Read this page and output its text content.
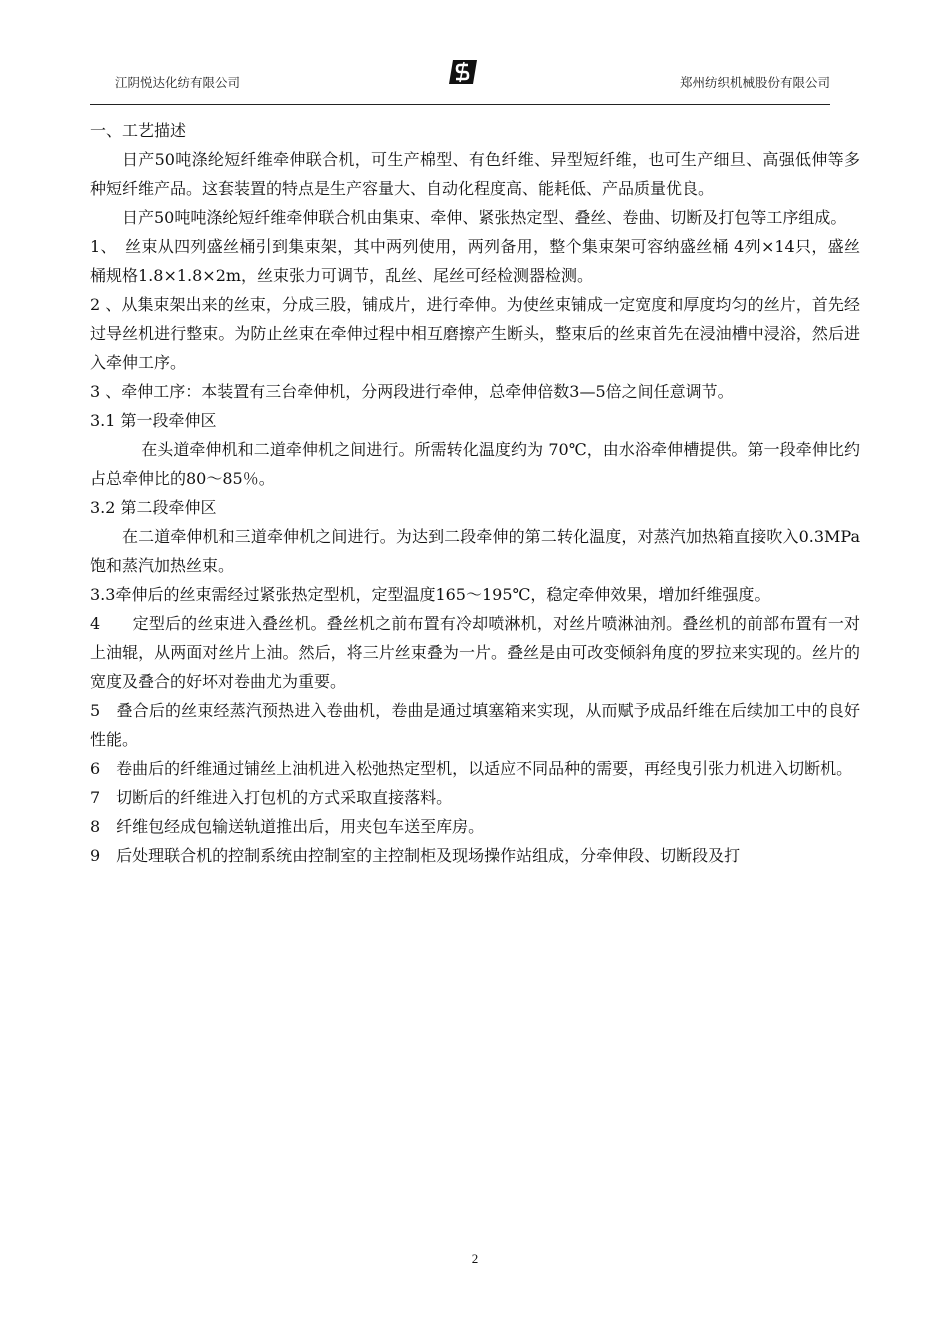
江阴悦达化纺有限公司	郑州纺织机械股份有限公司

一、工艺描述

日产50吨涤纶短纤维牵伸联合机，可生产棉型、有色纤维、异型短纤维，也可生产细旦、高强低伸等多种短纤维产品。这套装置的特点是生产容量大、自动化程度高、能耗低、产品质量优良。

日产50吨吨涤纶短纤维牵伸联合机由集束、牵伸、紧张热定型、叠丝、卷曲、切断及打包等工序组成。

1、　丝束从四列盛丝桶引到集束架，其中两列使用，两列备用，整个集束架可容纳盛丝桶 4列×14只，盛丝桶规格1.8×1.8×2m，丝束张力可调节，乱丝、尾丝可经检测器检测。

2 、从集束架出来的丝束，分成三股，铺成片，进行牵伸。为使丝束铺成一定宽度和厚度均匀的丝片，首先经过导丝机进行整束。为防止丝束在牵伸过程中相互磨擦产生断头，整束后的丝束首先在浸油槽中浸浴，然后进入牵伸工序。

3 、牵伸工序：本装置有三台牵伸机，分两段进行牵伸，总牵伸倍数3—5倍之间任意调节。

3.1 第一段牵伸区

在头道牵伸机和二道牵伸机之间进行。所需转化温度约为 70℃，由水浴牵伸槽提供。第一段牵伸比约占总牵伸比的80～85％。

3.2 第二段牵伸区

在二道牵伸机和三道牵伸机之间进行。为达到二段牵伸的第二转化温度，对蒸汽加热箱直接吹入0.3MPa饱和蒸汽加热丝束。

3.3牵伸后的丝束需经过紧张热定型机，定型温度165～195℃，稳定牵伸效果，增加纤维强度。

4　　定型后的丝束进入叠丝机。叠丝机之前布置有冷却喷淋机，对丝片喷淋油剂。叠丝机的前部布置有一对上油辊，从两面对丝片上油。然后，将三片丝束叠为一片。叠丝是由可改变倾斜角度的罗拉来实现的。丝片的宽度及叠合的好坏对卷曲尤为重要。

5　叠合后的丝束经蒸汽预热进入卷曲机，卷曲是通过填塞箱来实现，从而赋予成品纤维在后续加工中的良好性能。

6　卷曲后的纤维通过铺丝上油机进入松弛热定型机，以适应不同品种的需要，再经曳引张力机进入切断机。

7　切断后的纤维进入打包机的方式采取直接落料。

8　纤维包经成包输送轨道推出后，用夹包车送至库房。

9　后处理联合机的控制系统由控制室的主控制柜及现场操作站组成，分牵伸段、切断段及打

2
